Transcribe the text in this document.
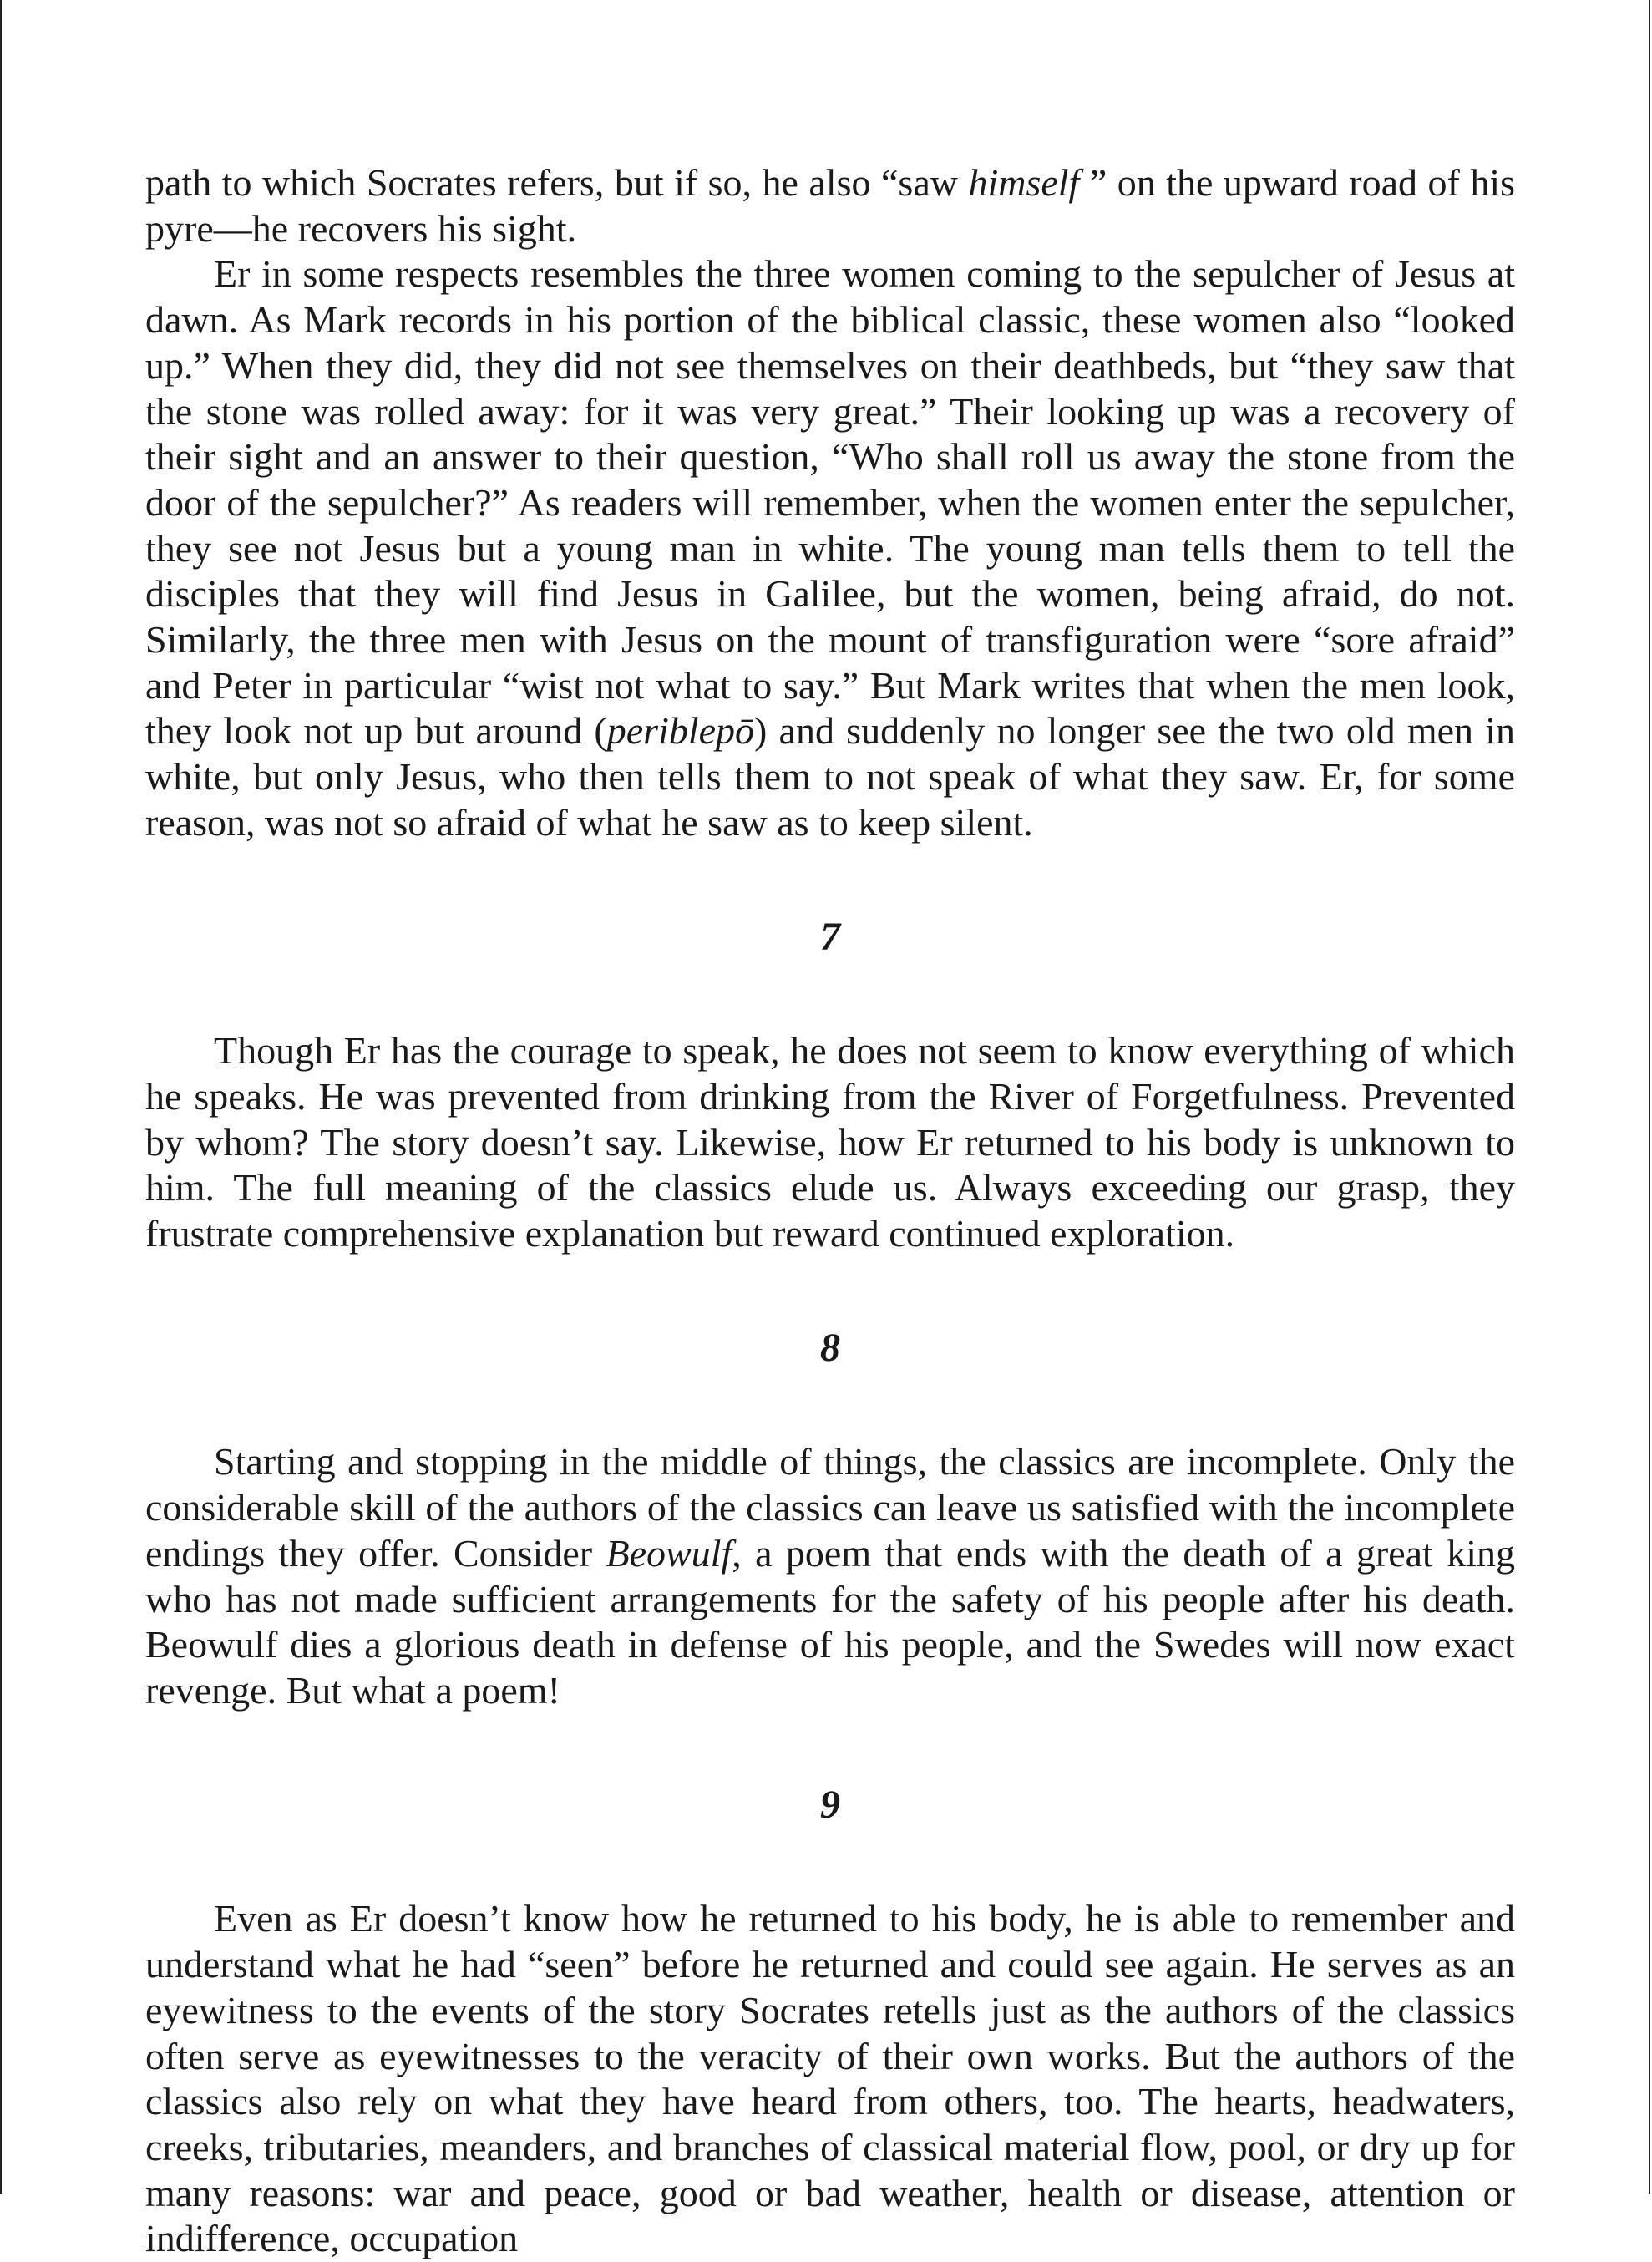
path to which Socrates refers, but if so, he also “saw himself ” on the upward road of his pyre—he recovers his sight.

Er in some respects resembles the three women coming to the sepulcher of Jesus at dawn. As Mark records in his portion of the biblical classic, these women also “looked up.” When they did, they did not see themselves on their deathbeds, but “they saw that the stone was rolled away: for it was very great.” Their looking up was a recovery of their sight and an answer to their question, “Who shall roll us away the stone from the door of the sepulcher?” As readers will remember, when the women enter the sepulcher, they see not Jesus but a young man in white. The young man tells them to tell the disciples that they will find Jesus in Galilee, but the women, being afraid, do not. Similarly, the three men with Jesus on the mount of transfiguration were “sore afraid” and Peter in particular “wist not what to say.” But Mark writes that when the men look, they look not up but around (periblepō) and suddenly no longer see the two old men in white, but only Jesus, who then tells them to not speak of what they saw. Er, for some reason, was not so afraid of what he saw as to keep silent.

7

Though Er has the courage to speak, he does not seem to know everything of which he speaks. He was prevented from drinking from the River of Forgetfulness. Prevented by whom? The story doesn’t say. Likewise, how Er returned to his body is unknown to him. The full meaning of the classics elude us. Always exceeding our grasp, they frustrate comprehensive explanation but reward continued exploration.

8

Starting and stopping in the middle of things, the classics are incomplete. Only the considerable skill of the authors of the classics can leave us satisfied with the incomplete endings they offer. Consider Beowulf, a poem that ends with the death of a great king who has not made sufficient arrangements for the safety of his people after his death. Beowulf dies a glorious death in defense of his people, and the Swedes will now exact revenge. But what a poem!

9

Even as Er doesn’t know how he returned to his body, he is able to remember and understand what he had “seen” before he returned and could see again. He serves as an eyewitness to the events of the story Socrates retells just as the authors of the classics often serve as eyewitnesses to the veracity of their own works. But the authors of the classics also rely on what they have heard from others, too. The hearts, headwaters, creeks, tributaries, meanders, and branches of classical material flow, pool, or dry up for many reasons: war and peace, good or bad weather, health or disease, attention or indifference, occupation
